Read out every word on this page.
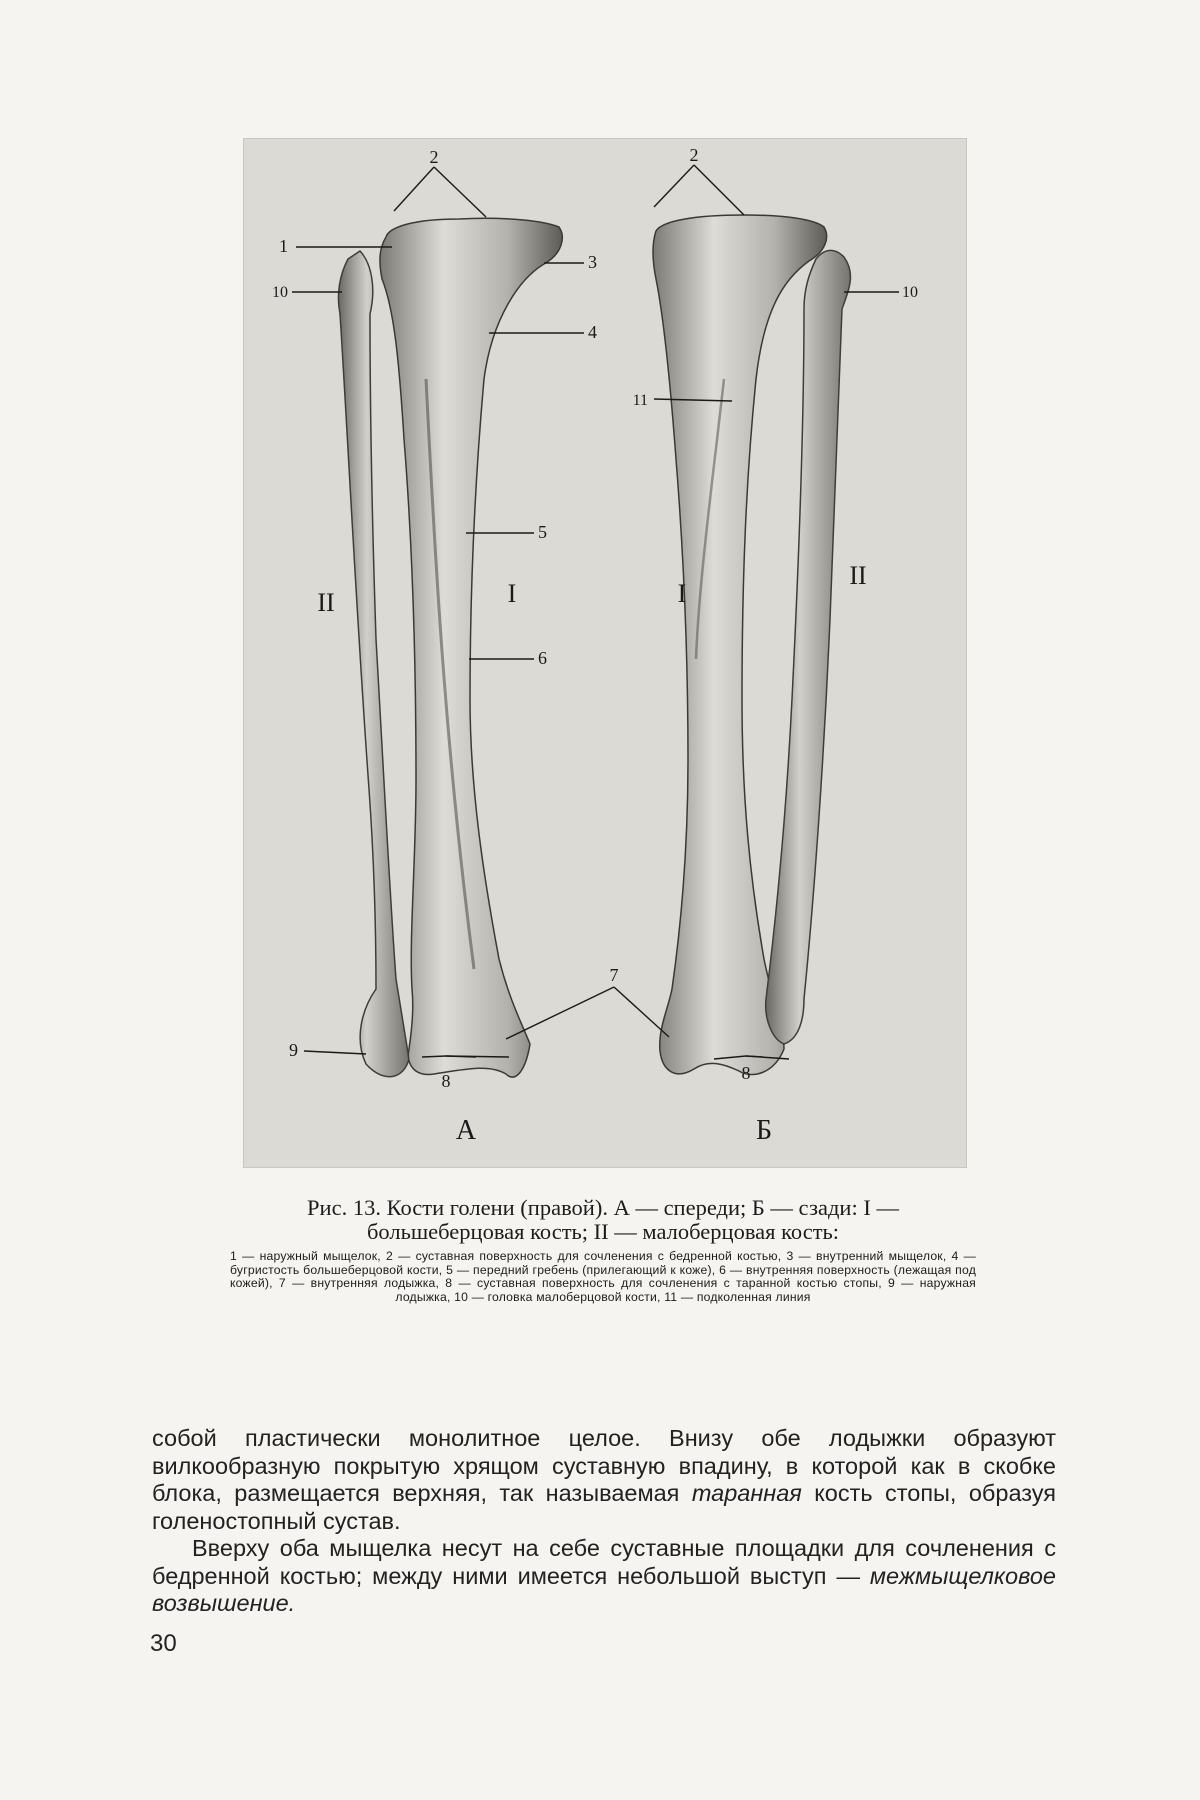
2
1
10
3
4
5
6
II	I
9
8
7
А
2
10
11
I
II
8
Б

Рис. 13. Кости голени (правой). А — спереди; Б — сзади: I — большеберцовая кость; II — малоберцовая кость:

1 — наружный мыщелок, 2 — суставная поверхность для сочленения с бедренной костью, 3 — внутренний мыщелок, 4 — бугристость большеберцовой кости, 5 — передний гребень (прилегающий к коже), 6 — внутренняя поверхность (лежащая под кожей), 7 — внутренняя лодыжка, 8 — суставная поверхность для сочленения с таранной костью стопы, 9 — наружная лодыжка, 10 — головка малоберцовой кости, 11 — подколенная линия

собой пластически монолитное целое. Внизу обе лодыжки образуют вилкообразную покрытую хрящом суставную впадину, в которой как в скобке блока, размещается верхняя, так называемая таранная кость стопы, образуя голеностопный сустав.

Вверху оба мыщелка несут на себе суставные площадки для сочленения с бедренной костью; между ними имеется небольшой выступ — межмыщелковое возвышение.

30
